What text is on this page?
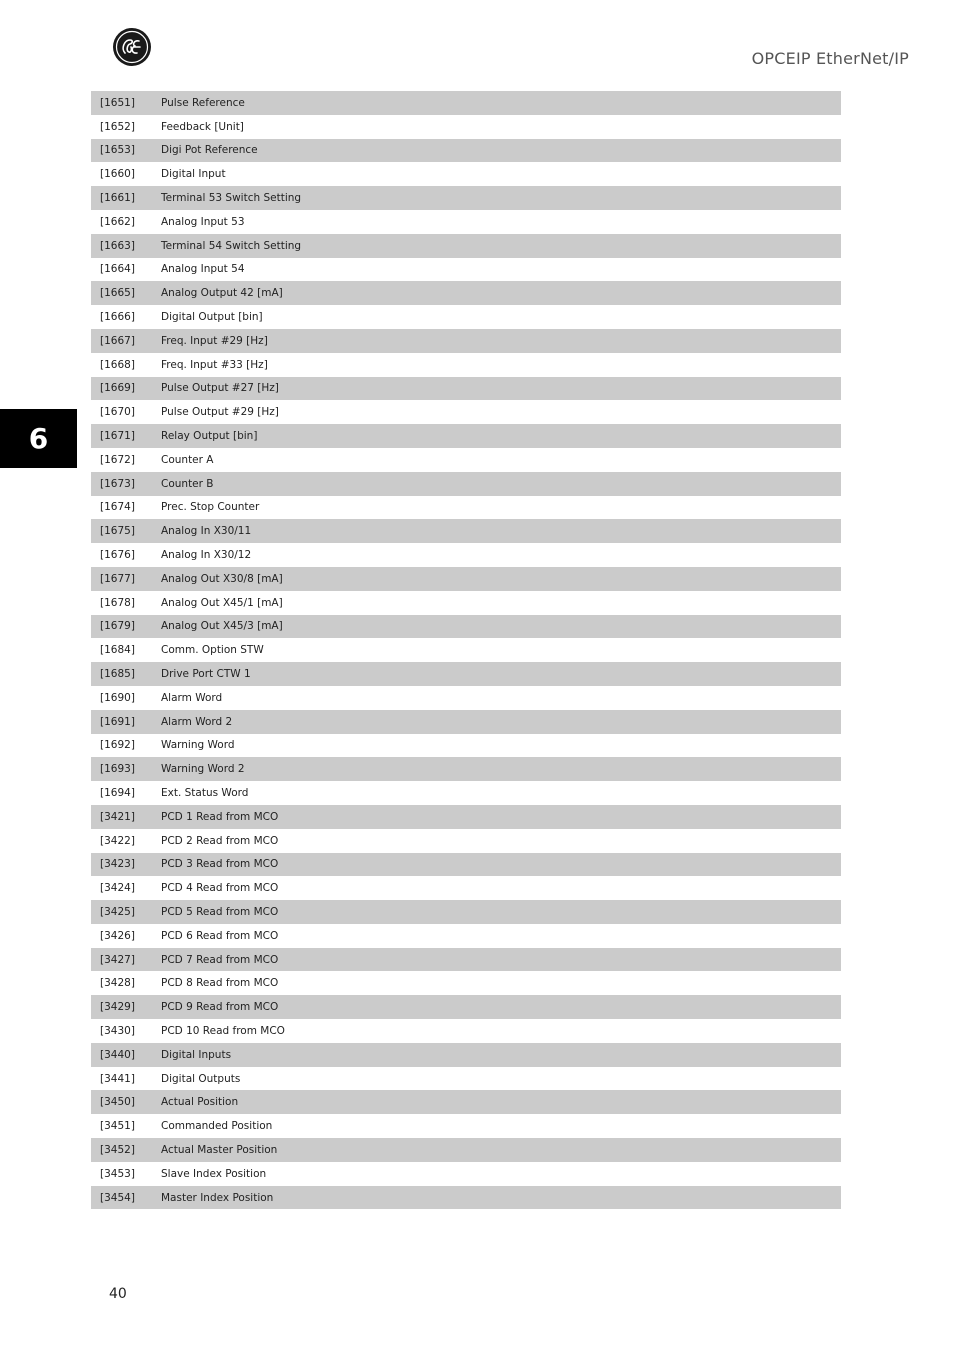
OPCEIP EtherNet/IP
6
[1651]	Pulse Reference
[1652]	Feedback [Unit]
[1653]	Digi Pot Reference
[1660]	Digital Input
[1661]	Terminal 53 Switch Setting
[1662]	Analog Input 53
[1663]	Terminal 54 Switch Setting
[1664]	Analog Input 54
[1665]	Analog Output 42 [mA]
[1666]	Digital Output [bin]
[1667]	Freq. Input #29 [Hz]
[1668]	Freq. Input #33 [Hz]
[1669]	Pulse Output #27 [Hz]
[1670]	Pulse Output #29 [Hz]
[1671]	Relay Output [bin]
[1672]	Counter A
[1673]	Counter B
[1674]	Prec. Stop Counter
[1675]	Analog In X30/11
[1676]	Analog In X30/12
[1677]	Analog Out X30/8 [mA]
[1678]	Analog Out X45/1 [mA]
[1679]	Analog Out X45/3 [mA]
[1684]	Comm. Option STW
[1685]	Drive Port CTW 1
[1690]	Alarm Word
[1691]	Alarm Word 2
[1692]	Warning Word
[1693]	Warning Word 2
[1694]	Ext. Status Word
[3421]	PCD 1 Read from MCO
[3422]	PCD 2 Read from MCO
[3423]	PCD 3 Read from MCO
[3424]	PCD 4 Read from MCO
[3425]	PCD 5 Read from MCO
[3426]	PCD 6 Read from MCO
[3427]	PCD 7 Read from MCO
[3428]	PCD 8 Read from MCO
[3429]	PCD 9 Read from MCO
[3430]	PCD 10 Read from MCO
[3440]	Digital Inputs
[3441]	Digital Outputs
[3450]	Actual Position
[3451]	Commanded Position
[3452]	Actual Master Position
[3453]	Slave Index Position
[3454]	Master Index Position
40
